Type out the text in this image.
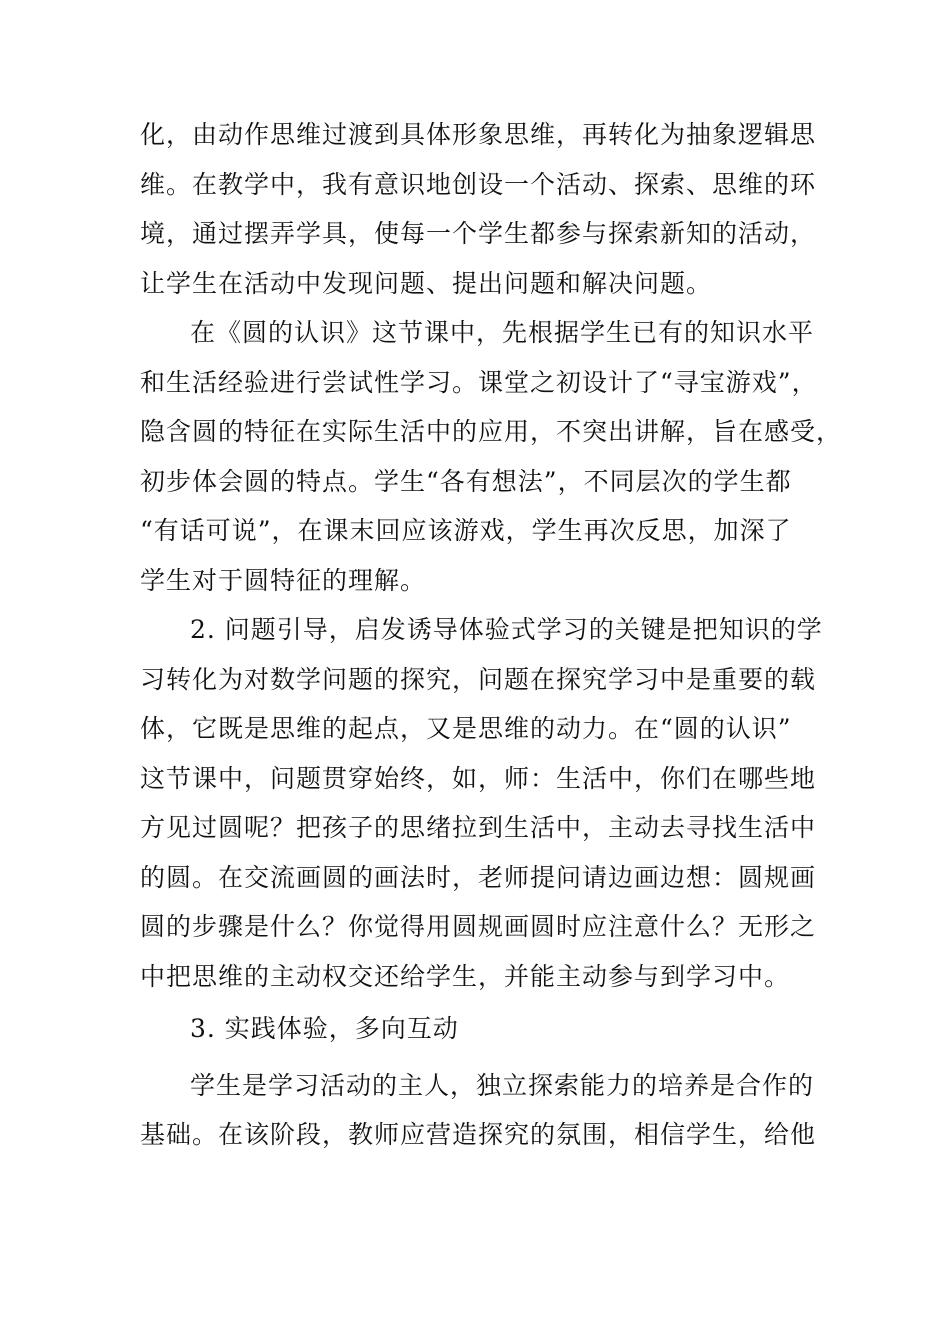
化，由动作思维过渡到具体形象思维，再转化为抽象逻辑思
维。在教学中，我有意识地创设一个活动、探索、思维的环
境，通过摆弄学具，使每一个学生都参与探索新知的活动，
让学生在活动中发现问题、提出问题和解决问题。
在《圆的认识》这节课中，先根据学生已有的知识水平
和生活经验进行尝试性学习。课堂之初设计了“寻宝游戏”，
隐含圆的特征在实际生活中的应用，不突出讲解，旨在感受，
初步体会圆的特点。学生“各有想法”，不同层次的学生都
“有话可说”，在课末回应该游戏，学生再次反思，加深了
学生对于圆特征的理解。
2. 问题引导，启发诱导体验式学习的关键是把知识的学
习转化为对数学问题的探究，问题在探究学习中是重要的载
体，它既是思维的起点，又是思维的动力。在“圆的认识”
这节课中，问题贯穿始终，如，师：生活中，你们在哪些地
方见过圆呢？把孩子的思绪拉到生活中，主动去寻找生活中
的圆。在交流画圆的画法时，老师提问请边画边想：圆规画
圆的步骤是什么？你觉得用圆规画圆时应注意什么？无形之
中把思维的主动权交还给学生，并能主动参与到学习中。
3. 实践体验，多向互动
学生是学习活动的主人，独立探索能力的培养是合作的
基础。在该阶段，教师应营造探究的氛围，相信学生，给他
